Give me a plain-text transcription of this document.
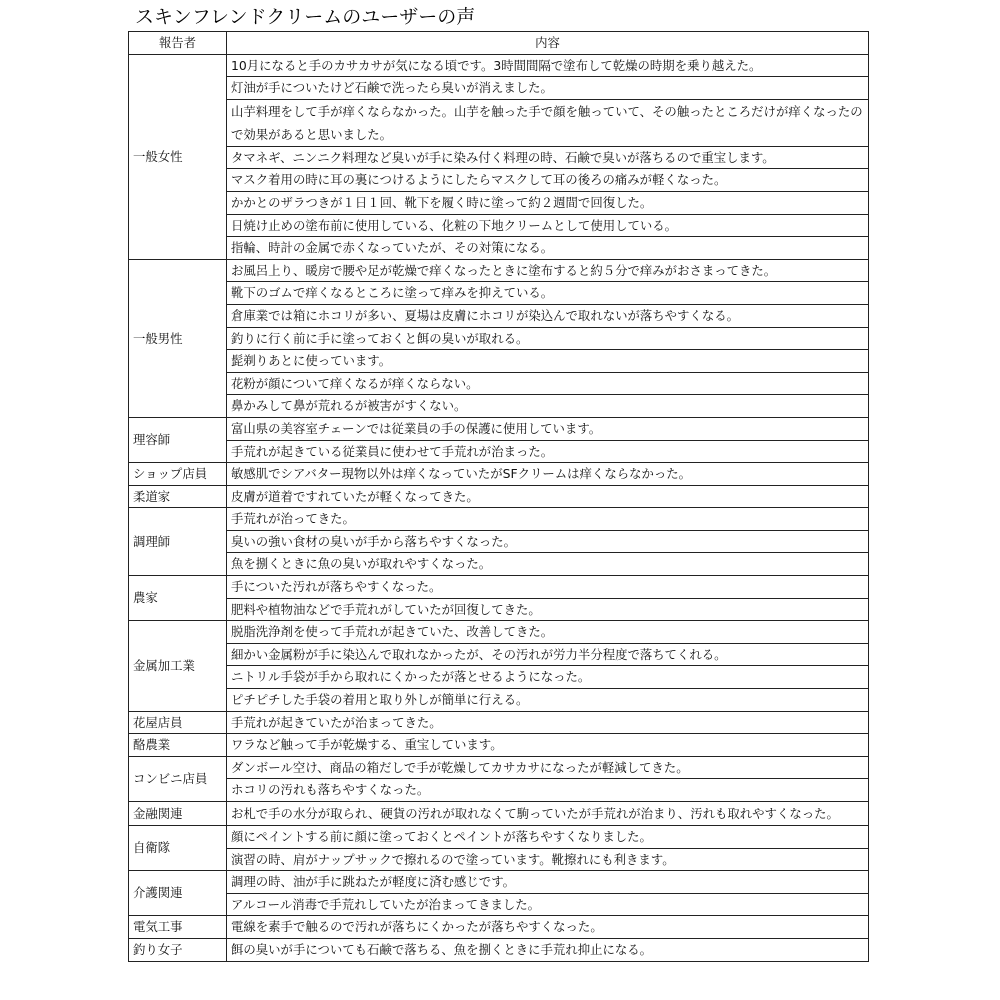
スキンフレンドクリームのユーザーの声
報告者	内容
一般女性	10月になると手のカサカサが気になる頃です。3時間間隔で塗布して乾燥の時期を乗り越えた。
	灯油が手についたけど石鹸で洗ったら臭いが消えました。
	山芋料理をして手が痒くならなかった。山芋を触った手で顔を触っていて、その触ったところだけが痒くなったので効果があると思いました。
	タマネギ、ニンニク料理など臭いが手に染み付く料理の時、石鹸で臭いが落ちるので重宝します。
	マスク着用の時に耳の裏につけるようにしたらマスクして耳の後ろの痛みが軽くなった。
	かかとのザラつきが１日１回、靴下を履く時に塗って約２週間で回復した。
	日焼け止めの塗布前に使用している、化粧の下地クリームとして使用している。
	指輪、時計の金属で赤くなっていたが、その対策になる。
一般男性	お風呂上り、暖房で腰や足が乾燥で痒くなったときに塗布すると約５分で痒みがおさまってきた。
	靴下のゴムで痒くなるところに塗って痒みを抑えている。
	倉庫業では箱にホコリが多い、夏場は皮膚にホコリが染込んで取れないが落ちやすくなる。
	釣りに行く前に手に塗っておくと餌の臭いが取れる。
	髭剃りあとに使っています。
	花粉が顔について痒くなるが痒くならない。
	鼻かみして鼻が荒れるが被害がすくない。
理容師	富山県の美容室チェーンでは従業員の手の保護に使用しています。
	手荒れが起きている従業員に使わせて手荒れが治まった。
ショップ店員	敏感肌でシアバター現物以外は痒くなっていたがSFクリームは痒くならなかった。
柔道家	皮膚が道着ですれていたが軽くなってきた。
調理師	手荒れが治ってきた。
	臭いの強い食材の臭いが手から落ちやすくなった。
	魚を捌くときに魚の臭いが取れやすくなった。
農家	手についた汚れが落ちやすくなった。
	肥料や植物油などで手荒れがしていたが回復してきた。
金属加工業	脱脂洗浄剤を使って手荒れが起きていた、改善してきた。
	細かい金属粉が手に染込んで取れなかったが、その汚れが労力半分程度で落ちてくれる。
	ニトリル手袋が手から取れにくかったが落とせるようになった。
	ピチピチした手袋の着用と取り外しが簡単に行える。
花屋店員	手荒れが起きていたが治まってきた。
酪農業	ワラなど触って手が乾燥する、重宝しています。
コンビニ店員	ダンボール空け、商品の箱だしで手が乾燥してカサカサになったが軽減してきた。
	ホコリの汚れも落ちやすくなった。
金融関連	お札で手の水分が取られ、硬貨の汚れが取れなくて駒っていたが手荒れが治まり、汚れも取れやすくなった。
自衛隊	顔にペイントする前に顔に塗っておくとペイントが落ちやすくなりました。
	演習の時、肩がナップサックで擦れるので塗っています。靴擦れにも利きます。
介護関連	調理の時、油が手に跳ねたが軽度に済む感じです。
	アルコール消毒で手荒れしていたが治まってきました。
電気工事	電線を素手で触るので汚れが落ちにくかったが落ちやすくなった。
釣り女子	餌の臭いが手についても石鹸で落ちる、魚を捌くときに手荒れ抑止になる。
